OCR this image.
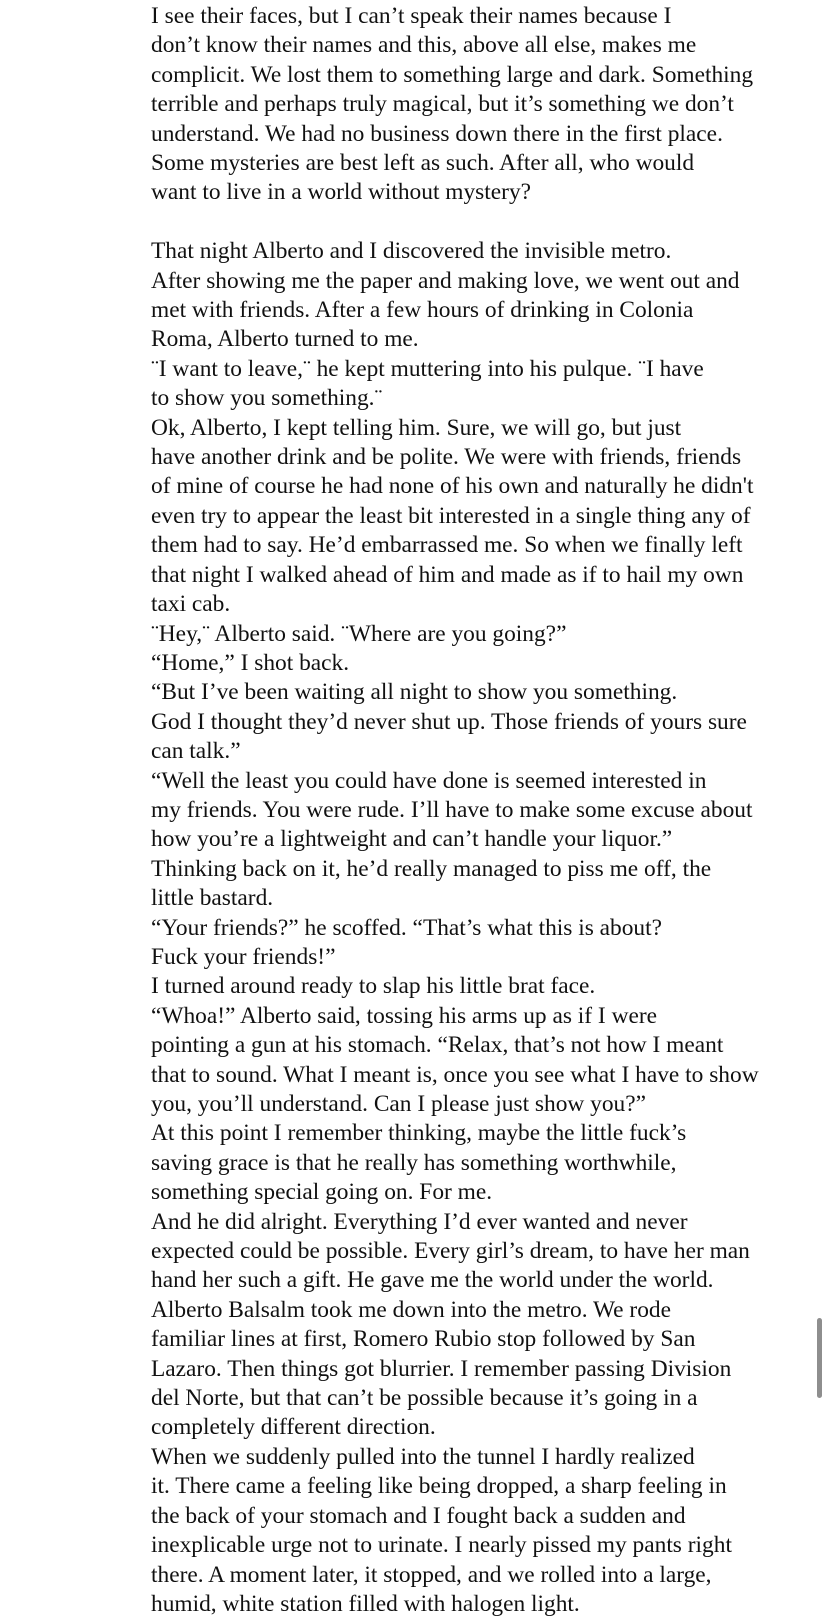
I see their faces, but I can’t speak their names because I
don’t know their names and this, above all else, makes me
complicit. We lost them to something large and dark. Something
terrible and perhaps truly magical, but it’s something we don’t
understand. We had no business down there in the first place.

Some mysteries are best left as such. After all, who would
want to live in a world without mystery?

That night Alberto and I discovered the invisible metro.
After showing me the paper and making love, we went out and
met with friends. After a few hours of drinking in Colonia
Roma, Alberto turned to me.

¨I want to leave,¨ he kept muttering into his pulque. ¨I have
to show you something.¨

Ok, Alberto, I kept telling him. Sure, we will go, but just
have another drink and be polite. We were with friends, friends
of mine of course he had none of his own and naturally he didn't
even try to appear the least bit interested in a single thing any of
them had to say. He’d embarrassed me. So when we finally left
that night I walked ahead of him and made as if to hail my own
taxi cab.

¨Hey,¨ Alberto said. ¨Where are you going?”

“Home,” I shot back.

“But I’ve been waiting all night to show you something.
God I thought they’d never shut up. Those friends of yours sure
can talk.”

“Well the least you could have done is seemed interested in
my friends. You were rude. I’ll have to make some excuse about
how you’re a lightweight and can’t handle your liquor.”

Thinking back on it, he’d really managed to piss me off, the
little bastard.

“Your friends?” he scoffed. “That’s what this is about?
Fuck your friends!”

I turned around ready to slap his little brat face.

“Whoa!” Alberto said, tossing his arms up as if I were
pointing a gun at his stomach. “Relax, that’s not how I meant
that to sound. What I meant is, once you see what I have to show
you, you’ll understand. Can I please just show you?”

At this point I remember thinking, maybe the little fuck’s
saving grace is that he really has something worthwhile,
something special going on. For me.

And he did alright. Everything I’d ever wanted and never
expected could be possible. Every girl’s dream, to have her man
hand her such a gift. He gave me the world under the world.

Alberto Balsalm took me down into the metro. We rode
familiar lines at first, Romero Rubio stop followed by San
Lazaro. Then things got blurrier. I remember passing Division
del Norte, but that can’t be possible because it’s going in a
completely different direction.

When we suddenly pulled into the tunnel I hardly realized
it. There came a feeling like being dropped, a sharp feeling in
the back of your stomach and I fought back a sudden and
inexplicable urge not to urinate. I nearly pissed my pants right
there. A moment later, it stopped, and we rolled into a large,
humid, white station filled with halogen light.
